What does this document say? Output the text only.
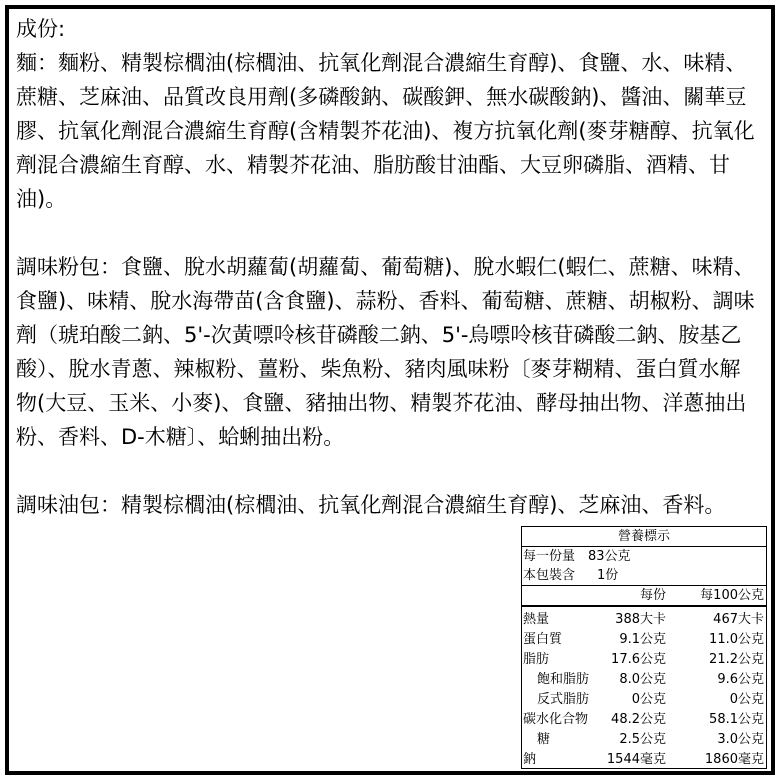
成份:
麵：麵粉、精製棕櫚油(棕櫚油、抗氧化劑混合濃縮生育醇)、食鹽、水、味精、
蔗糖、芝麻油、品質改良用劑(多磷酸鈉、碳酸鉀、無水碳酸鈉)、醬油、關華豆
膠、抗氧化劑混合濃縮生育醇(含精製芥花油)、複方抗氧化劑(麥芽糖醇、抗氧化
劑混合濃縮生育醇、水、精製芥花油、脂肪酸甘油酯、大豆卵磷脂、酒精、甘
油)。
調味粉包：食鹽、脫水胡蘿蔔(胡蘿蔔、葡萄糖)、脫水蝦仁(蝦仁、蔗糖、味精、
食鹽)、味精、脫水海帶苗(含食鹽)、蒜粉、香料、葡萄糖、蔗糖、胡椒粉、調味
劑（琥珀酸二鈉、5'-次黃嘌呤核苷磷酸二鈉、5'-烏嘌呤核苷磷酸二鈉、胺基乙
酸）、脫水青蔥、辣椒粉、薑粉、柴魚粉、豬肉風味粉〔麥芽糊精、蛋白質水解
物(大豆、玉米、小麥)、食鹽、豬抽出物、精製芥花油、酵母抽出物、洋蔥抽出
粉、香料、D-木糖〕、蛤蜊抽出粉。
調味油包：精製棕櫚油(棕櫚油、抗氧化劑混合濃縮生育醇)、芝麻油、香料。
營養標示
每一份量 83公克
本包裝含 1份
每份	每100公克
熱量	388大卡	467大卡
蛋白質	9.1公克	11.0公克
脂肪	17.6公克	21.2公克
飽和脂肪	8.0公克	9.6公克
反式脂肪	0公克	0公克
碳水化合物	48.2公克	58.1公克
糖	2.5公克	3.0公克
鈉	1544毫克	1860毫克
